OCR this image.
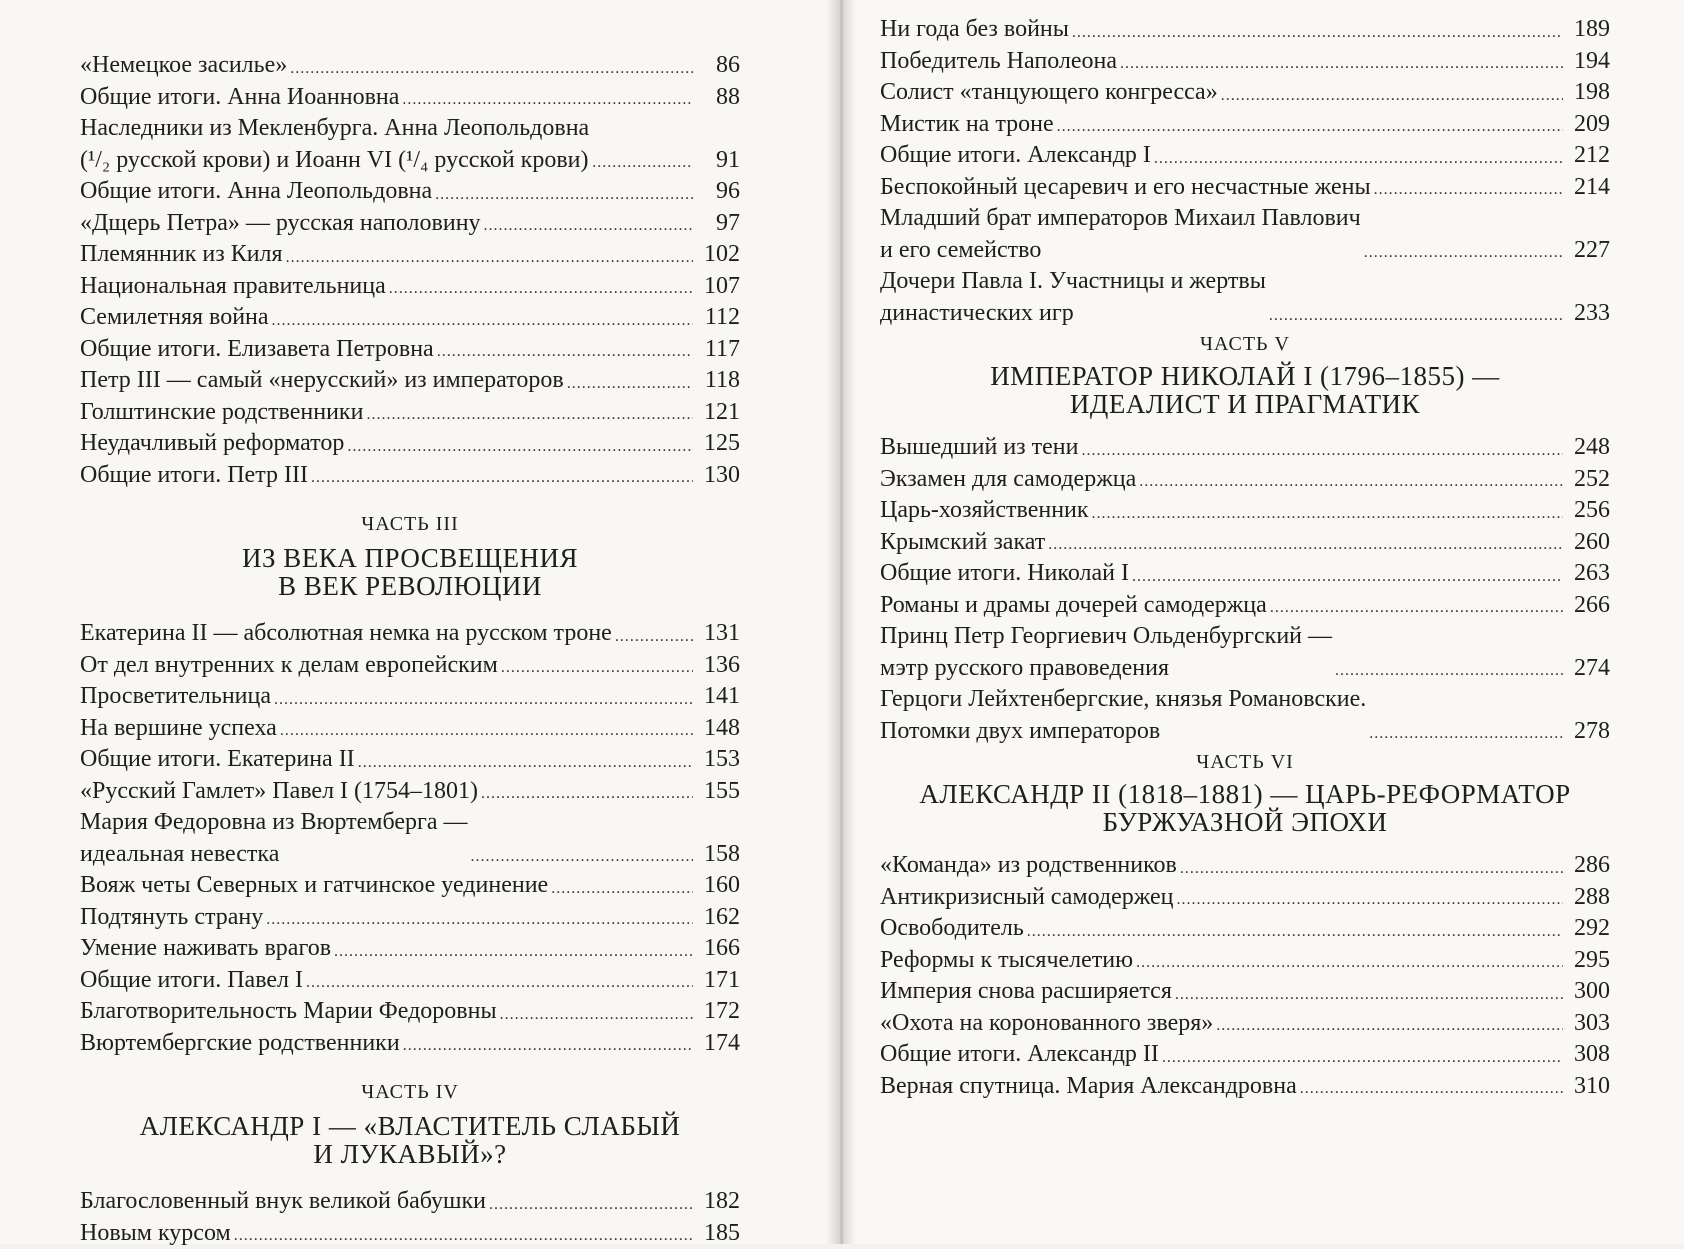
«Немецкое засилье» .....	86
Общие итоги. Анна Иоанновна .....	88
Наследники из Мекленбурга. Анна Леопольдовна
(¹/₂ русской крови) и Иоанн VI (¹/₄ русской крови) .....	91
Общие итоги. Анна Леопольдовна .....	96
«Дщерь Петра» — русская наполовину .....	97
Племянник из Киля .....	102
Национальная правительница .....	107
Семилетняя война .....	112
Общие итоги. Елизавета Петровна .....	117
Петр III — самый «нерусский» из императоров .....	118
Голштинские родственники .....	121
Неудачливый реформатор .....	125
Общие итоги. Петр III .....	130
ЧАСТЬ III
ИЗ ВЕКА ПРОСВЕЩЕНИЯ
В ВЕК РЕВОЛЮЦИИ
Екатерина II — абсолютная немка на русском троне .....	131
От дел внутренних к делам европейским .....	136
Просветительница .....	141
На вершине успеха .....	148
Общие итоги. Екатерина II .....	153
«Русский Гамлет» Павел I (1754–1801) .....	155
Мария Федоровна из Вюртемберга —
идеальная невестка .....	158
Вояж четы Северных и гатчинское уединение .....	160
Подтянуть страну .....	162
Умение наживать врагов .....	166
Общие итоги. Павел I .....	171
Благотворительность Марии Федоровны .....	172
Вюртембергские родственники .....	174
ЧАСТЬ IV
АЛЕКСАНДР I — «ВЛАСТИТЕЛЬ СЛАБЫЙ
И ЛУКАВЫЙ»?
Благословенный внук великой бабушки .....	182
Новым курсом .....	185
Ни года без войны .....	189
Победитель Наполеона .....	194
Солист «танцующего конгресса» .....	198
Мистик на троне .....	209
Общие итоги. Александр I .....	212
Беспокойный цесаревич и его несчастные жены .....	214
Младший брат императоров Михаил Павлович
и его семейство .....	227
Дочери Павла I. Участницы и жертвы
династических игр .....	233
ЧАСТЬ V
ИМПЕРАТОР НИКОЛАЙ I (1796–1855) —
ИДЕАЛИСТ И ПРАГМАТИК
Вышедший из тени .....	248
Экзамен для самодержца .....	252
Царь-хозяйственник .....	256
Крымский закат .....	260
Общие итоги. Николай I .....	263
Романы и драмы дочерей самодержца .....	266
Принц Петр Георгиевич Ольденбургский —
мэтр русского правоведения .....	274
Герцоги Лейхтенбергские, князья Романовские.
Потомки двух императоров .....	278
ЧАСТЬ VI
АЛЕКСАНДР II (1818–1881) — ЦАРЬ-РЕФОРМАТОР
БУРЖУАЗНОЙ ЭПОХИ
«Команда» из родственников .....	286
Антикризисный самодержец .....	288
Освободитель .....	292
Реформы к тысячелетию .....	295
Империя снова расширяется .....	300
«Охота на коронованного зверя» .....	303
Общие итоги. Александр II .....	308
Верная спутница. Мария Александровна .....	310
